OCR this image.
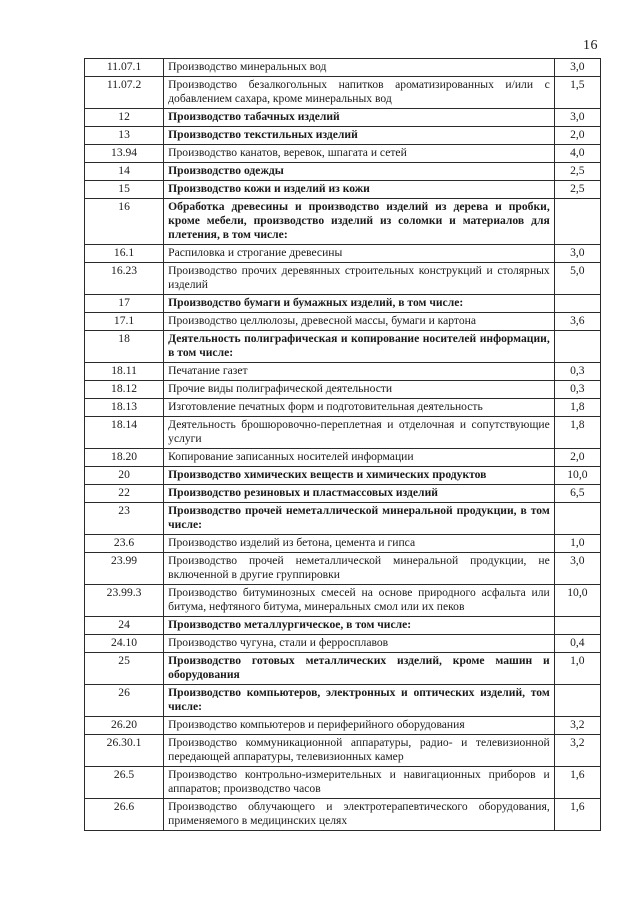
16
11.07.1	Производство минеральных вод	3,0
11.07.2	Производство безалкогольных напитков ароматизированных и/или с добавлением сахара, кроме минеральных вод	1,5
12	Производство табачных изделий	3,0
13	Производство текстильных изделий	2,0
13.94	Производство канатов, веревок, шпагата и сетей	4,0
14	Производство одежды	2,5
15	Производство кожи и изделий из кожи	2,5
16	Обработка древесины и производство изделий из дерева и пробки, кроме мебели, производство изделий из соломки и материалов для плетения, в том числе:	
16.1	Распиловка и строгание древесины	3,0
16.23	Производство прочих деревянных строительных конструкций и столярных изделий	5,0
17	Производство бумаги и бумажных изделий, в том числе:	
17.1	Производство целлюлозы, древесной массы, бумаги и картона	3,6
18	Деятельность полиграфическая и копирование носителей информации, в том числе:	
18.11	Печатание газет	0,3
18.12	Прочие виды полиграфической деятельности	0,3
18.13	Изготовление печатных форм и подготовительная деятельность	1,8
18.14	Деятельность брошюровочно-переплетная и отделочная и сопутствующие услуги	1,8
18.20	Копирование записанных носителей информации	2,0
20	Производство химических веществ и химических продуктов	10,0
22	Производство резиновых и пластмассовых изделий	6,5
23	Производство прочей неметаллической минеральной продукции, в том числе:	
23.6	Производство изделий из бетона, цемента и гипса	1,0
23.99	Производство прочей неметаллической минеральной продукции, не включенной в другие группировки	3,0
23.99.3	Производство битуминозных смесей на основе природного асфальта или битума, нефтяного битума, минеральных смол или их пеков	10,0
24	Производство металлургическое, в том числе:	
24.10	Производство чугуна, стали и ферросплавов	0,4
25	Производство готовых металлических изделий, кроме машин и оборудования	1,0
26	Производство компьютеров, электронных и оптических изделий, том числе:	
26.20	Производство компьютеров и периферийного оборудования	3,2
26.30.1	Производство коммуникационной аппаратуры, радио- и телевизионной передающей аппаратуры, телевизионных камер	3,2
26.5	Производство контрольно-измерительных и навигационных приборов и аппаратов; производство часов	1,6
26.6	Производство облучающего и электротерапевтического оборудования, применяемого в медицинских целях	1,6
